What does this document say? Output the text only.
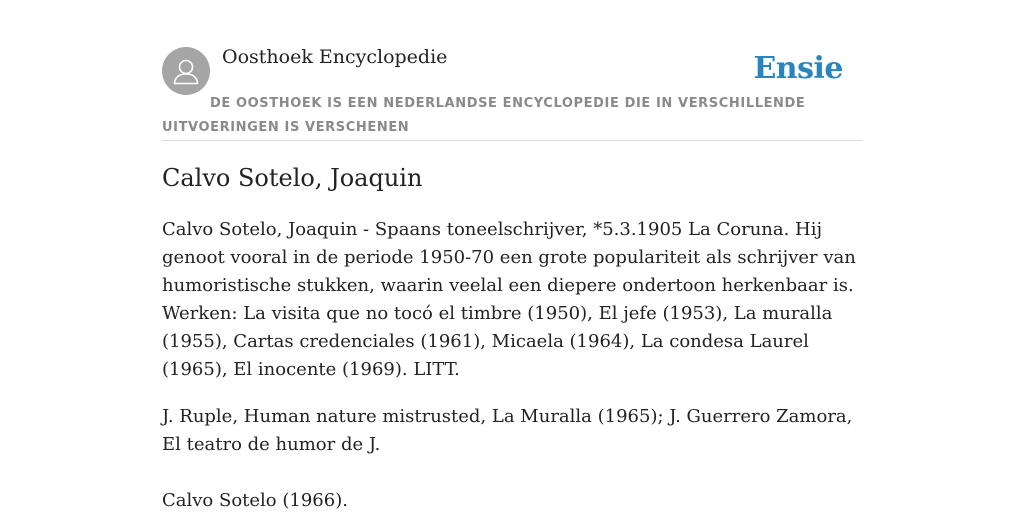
Oosthoek Encyclopedie	Ensie
DE OOSTHOEK IS EEN NEDERLANDSE ENCYCLOPEDIE DIE IN VERSCHILLENDE UITVOERINGEN IS VERSCHENEN
Calvo Sotelo, Joaquin

Calvo Sotelo, Joaquin - Spaans toneelschrijver, *5.3.1905 La Coruna. Hij genoot vooral in de periode 1950-70 een grote populariteit als schrijver van humoristische stukken, waarin veelal een diepere ondertoon herkenbaar is. Werken: La visita que no tocó el timbre (1950), El jefe (1953), La muralla (1955), Cartas credenciales (1961), Micaela (1964), La condesa Laurel (1965), El inocente (1969). LITT.

J. Ruple, Human nature mistrusted, La Muralla (1965); J. Guerrero Zamora, El teatro de humor de J.

Calvo Sotelo (1966).
